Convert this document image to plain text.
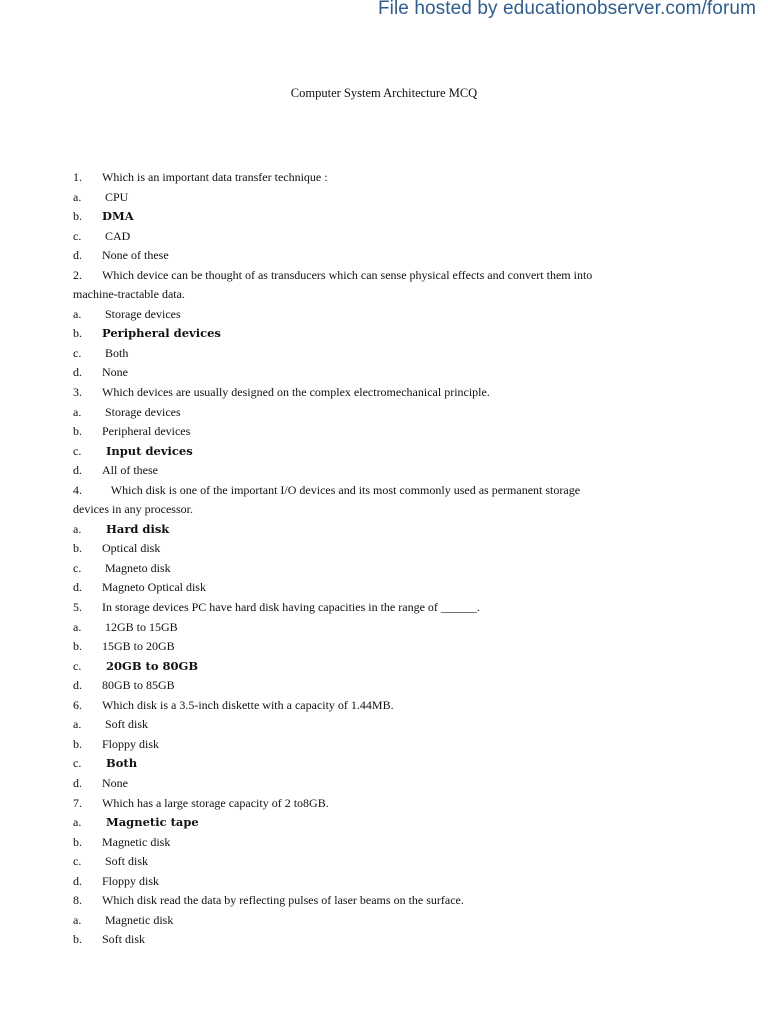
File hosted by educationobserver.com/forum
Computer System Architecture MCQ
1. Which is an important data transfer technique :
a. CPU
b. DMA
c. CAD
d. None of these
2. Which device can be thought of as transducers which can sense physical effects and convert them into
machine-tractable data.
a. Storage devices
b. Peripheral devices
c. Both
d. None
3. Which devices are usually designed on the complex electromechanical principle.
a. Storage devices
b. Peripheral devices
c. Input devices
d. All of these
4.   Which disk is one of the important I/O devices and its most commonly used as permanent storage
devices in any processor.
a. Hard disk
b. Optical disk
c. Magneto disk
d. Magneto Optical disk
5. In storage devices PC have hard disk having capacities in the range of ______.
a. 12GB to 15GB
b. 15GB to 20GB
c. 20GB to 80GB
d. 80GB to 85GB
6. Which disk is a 3.5-inch diskette with a capacity of 1.44MB.
a. Soft disk
b. Floppy disk
c. Both
d. None
7. Which has a large storage capacity of 2 to8GB.
a. Magnetic tape
b. Magnetic disk
c. Soft disk
d. Floppy disk
8. Which disk read the data by reflecting pulses of laser beams on the surface.
a. Magnetic disk
b. Soft disk
